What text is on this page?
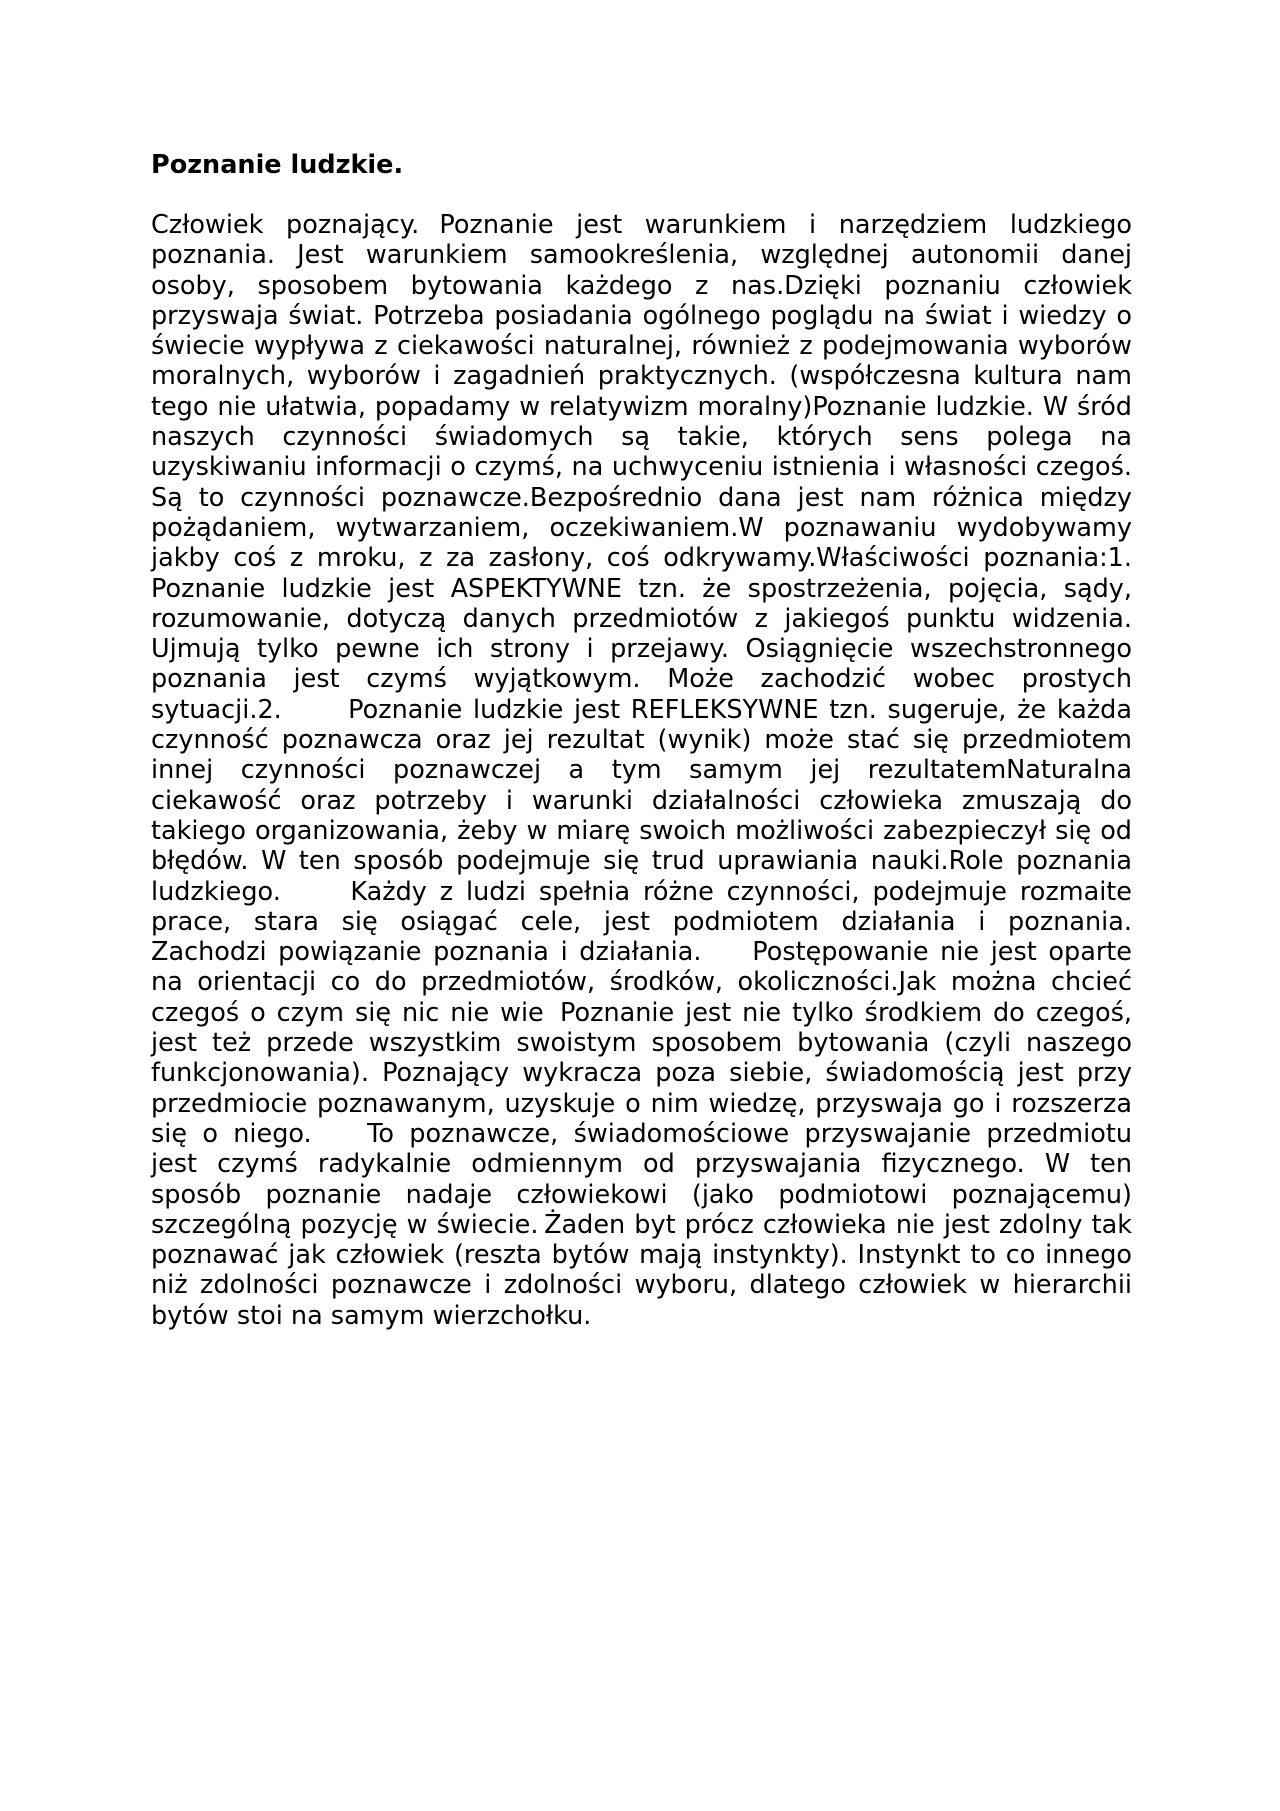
Poznanie ludzkie.

Człowiek poznający.	Poznanie jest warunkiem i narzędziem ludzkiego poznania. Jest warunkiem samookreślenia, względnej autonomii danej osoby, sposobem bytowania każdego z nas.Dzięki poznaniu człowiek przyswaja świat. Potrzeba posiadania ogólnego poglądu na świat i wiedzy o świecie wypływa z ciekawości naturalnej, również z podejmowania wyborów moralnych, wyborów i zagadnień praktycznych. (współczesna kultura nam tego nie ułatwia, popadamy w relatywizm moralny)Poznanie ludzkie. W śród naszych czynności świadomych są takie, których sens polega na uzyskiwaniu informacji o czymś, na uchwyceniu istnienia i własności czegoś. Są to czynności poznawcze.Bezpośrednio dana jest nam różnica między pożądaniem, wytwarzaniem, oczekiwaniem.W poznawaniu wydobywamy jakby coś z mroku, z za zasłony, coś odkrywamy.Właściwości poznania:1. Poznanie ludzkie jest ASPEKTYWNE tzn. że spostrzeżenia, pojęcia, sądy, rozumowanie, dotyczą danych przedmiotów z jakiegoś punktu widzenia. Ujmują tylko pewne ich strony i przejawy. Osiągnięcie wszechstronnego poznania jest czymś wyjątkowym. Może zachodzić wobec prostych sytuacji.2.	Poznanie ludzkie jest REFLEKSYWNE tzn. sugeruje, że każda czynność poznawcza oraz jej rezultat (wynik) może stać się przedmiotem innej czynności poznawczej a tym samym jej rezultatemNaturalna ciekawość oraz potrzeby i warunki działalności człowieka zmuszają do takiego organizowania, żeby w miarę swoich możliwości zabezpieczył się od błędów. W ten sposób podejmuje się trud uprawiania nauki.Role poznania ludzkiego.	Każdy z ludzi spełnia różne czynności, podejmuje rozmaite prace, stara się osiągać cele, jest podmiotem działania i poznania.	Zachodzi powiązanie poznania i działania.	Postępowanie nie jest oparte na orientacji co do przedmiotów, środków, okoliczności.Jak można chcieć czegoś o czym się nic nie wie	Poznanie jest nie tylko środkiem do czegoś, jest też przede wszystkim swoistym sposobem bytowania (czyli naszego funkcjonowania). Poznający wykracza poza siebie, świadomością jest przy przedmiocie poznawanym, uzyskuje o nim wiedzę, przyswaja go i rozszerza się o niego.	To poznawcze, świadomościowe przyswajanie przedmiotu jest czymś radykalnie odmiennym od przyswajania fizycznego. W ten sposób poznanie nadaje człowiekowi (jako podmiotowi poznającemu) szczególną pozycję w świecie.	Żaden byt prócz człowieka nie jest zdolny tak poznawać jak człowiek (reszta bytów mają instynkty). Instynkt to co innego niż zdolności poznawcze i zdolności wyboru, dlatego człowiek w hierarchii bytów stoi na samym wierzchołku.
